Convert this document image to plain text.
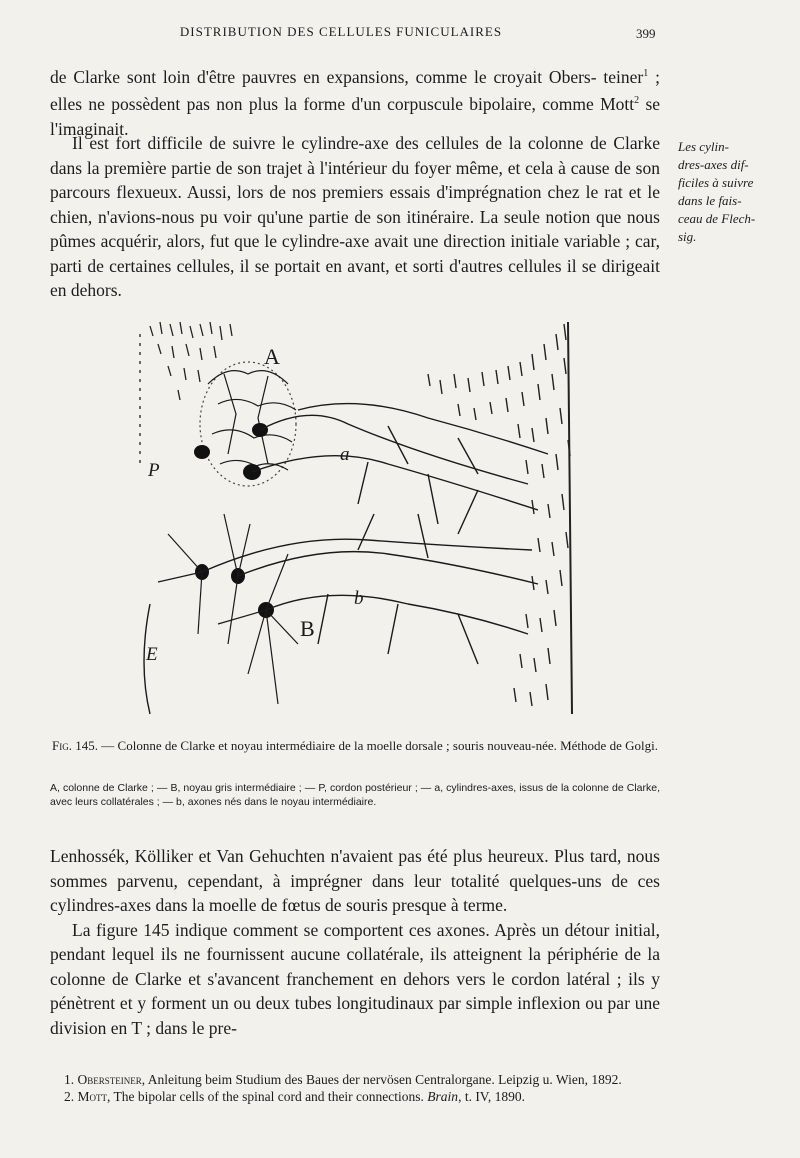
DISTRIBUTION DES CELLULES FUNICULAIRES	399

de Clarke sont loin d'être pauvres en expansions, comme le croyait Obers- teiner$^1$ ; elles ne possèdent pas non plus la forme d'un corpuscule bipolaire, comme Mott$^2$ se l'imaginait.

Il est fort difficile de suivre le cylindre-axe des cellules de la colonne de Clarke dans la première partie de son trajet à l'intérieur du foyer même, et cela à cause de son parcours flexueux. Aussi, lors de nos premiers essais d'imprégnation chez le rat et le chien, n'avions-nous pu voir qu'une partie de son itinéraire. La seule notion que nous pûmes acquérir, alors, fut que le cylindre-axe avait une direction initiale variable ; car, parti de certaines cellules, il se portait en avant, et sorti d'autres cellules il se dirigeait en dehors.

Les cylin-
dres-axes dif-
ficiles à suivre
dans le fais-
ceau de Flech-
sig.
A
B
P
E
a
b
Fig. 145. — Colonne de Clarke et noyau intermédiaire de la moelle dorsale ; souris nouveau-née. Méthode de Golgi.
A, colonne de Clarke ; — B, noyau gris intermédiaire ; — P, cordon postérieur ; — a, cylindres-axes, issus de la colonne de Clarke, avec leurs collatérales ; — b, axones nés dans le noyau intermédiaire.

Lenhossék, Kölliker et Van Gehuchten n'avaient pas été plus heureux. Plus tard, nous sommes parvenu, cependant, à imprégner dans leur totalité quelques-uns de ces cylindres-axes dans la moelle de fœtus de souris presque à terme.

La figure 145 indique comment se comportent ces axones. Après un détour initial, pendant lequel ils ne fournissent aucune collatérale, ils atteignent la périphérie de la colonne de Clarke et s'avancent franchement en dehors vers le cordon latéral ; ils y pénètrent et y forment un ou deux tubes longitudinaux par simple inflexion ou par une division en T ; dans le pre-

1. Obersteiner, Anleitung beim Studium des Baues der nervösen Centralorgane. Leipzig u. Wien, 1892.
2. Mott, The bipolar cells of the spinal cord and their connections. Brain, t. IV, 1890.
